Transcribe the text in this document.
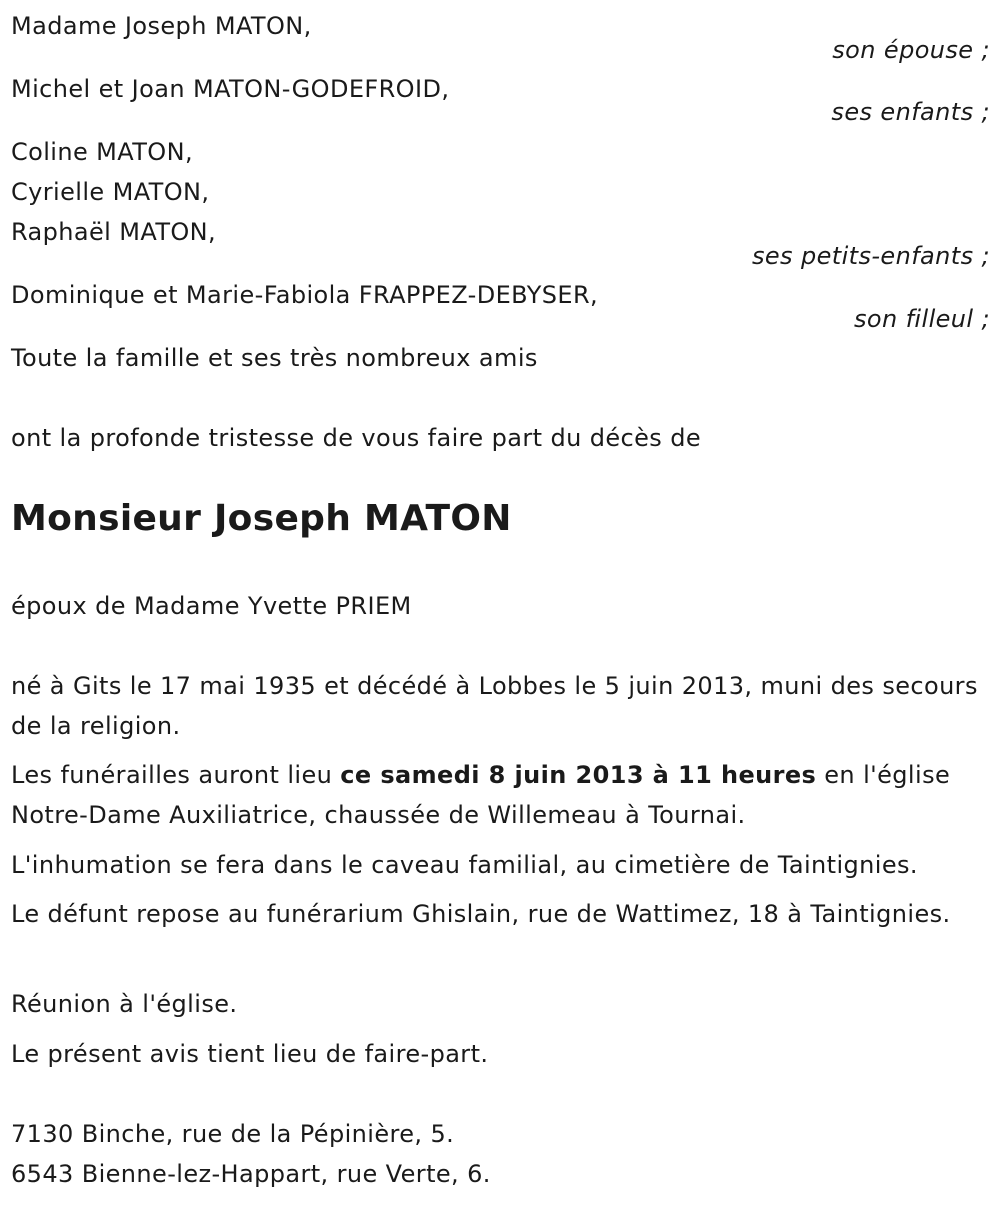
Madame Joseph MATON,
son épouse ;
Michel et Joan MATON-GODEFROID,
ses enfants ;
Coline MATON,
Cyrielle MATON,
Raphaël MATON,
ses petits-enfants ;
Dominique et Marie-Fabiola FRAPPEZ-DEBYSER,
son filleul ;
Toute la famille et ses très nombreux amis
ont la profonde tristesse de vous faire part du décès de
Monsieur Joseph MATON
époux de Madame Yvette PRIEM
né à Gits le 17 mai 1935 et décédé à Lobbes le 5 juin 2013, muni des secours de la religion.
Les funérailles auront lieu ce samedi 8 juin 2013 à 11 heures en l'église Notre-Dame Auxiliatrice, chaussée de Willemeau à Tournai.
L'inhumation se fera dans le caveau familial, au cimetière de Taintignies.
Le défunt repose au funérarium Ghislain, rue de Wattimez, 18 à Taintignies.
Réunion à l'église.
Le présent avis tient lieu de faire-part.
7130 Binche, rue de la Pépinière, 5.
6543 Bienne-lez-Happart, rue Verte, 6.
